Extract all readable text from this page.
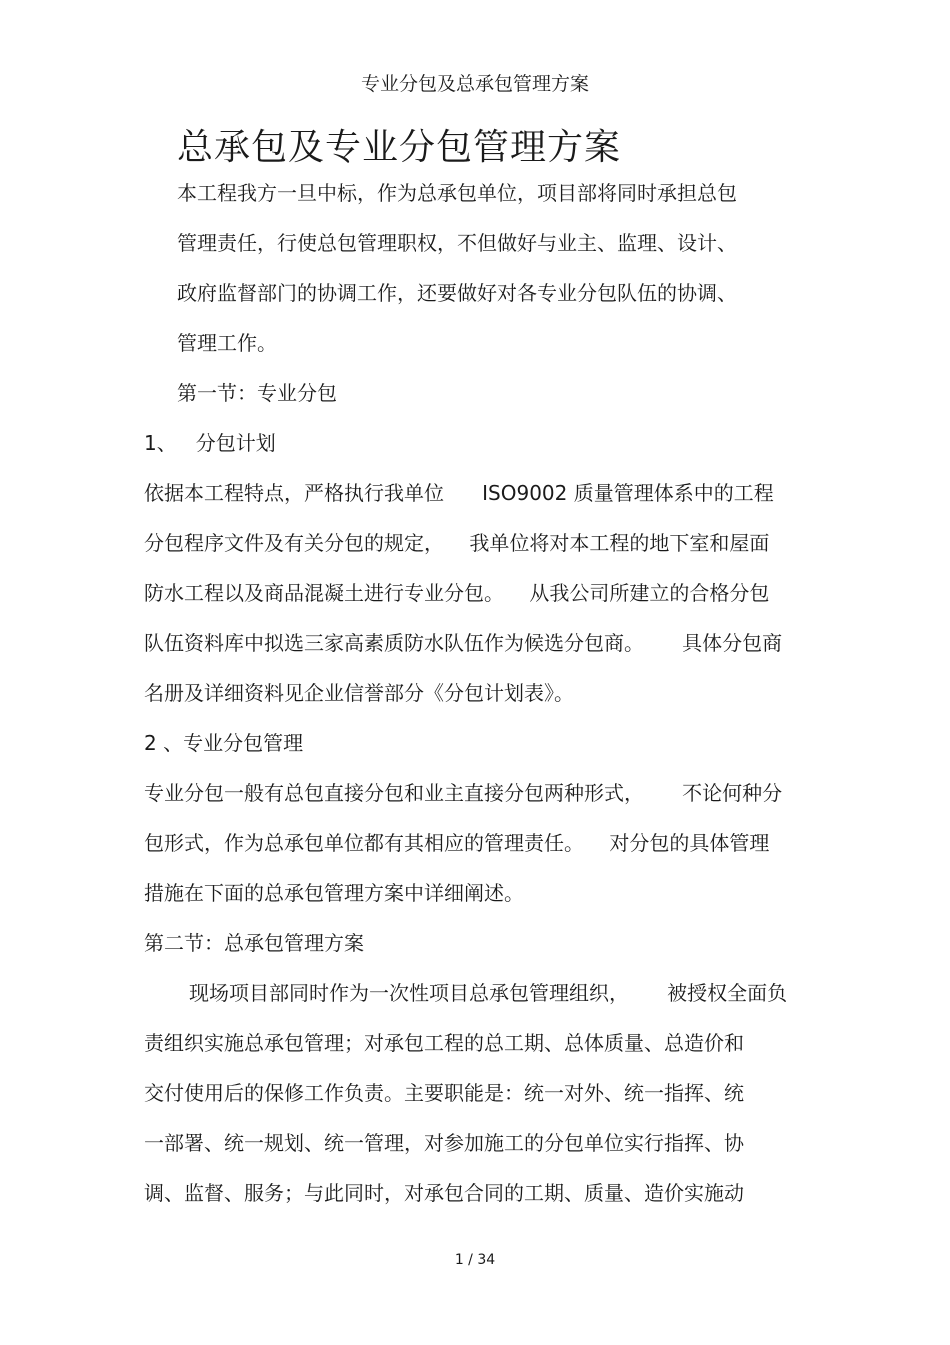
专业分包及总承包管理方案
总承包及专业分包管理方案
本工程我方一旦中标，作为总承包单位，项目部将同时承担总包
管理责任，行使总包管理职权，不但做好与业主、监理、设计、
政府监督部门的协调工作，还要做好对各专业分包队伍的协调、
管理工作。
第一节：专业分包
1、   分包计划
依据本工程特点，严格执行我单位      ISO9002 质量管理体系中的工程
分包程序文件及有关分包的规定，    我单位将对本工程的地下室和屋面
防水工程以及商品混凝土进行专业分包。    从我公司所建立的合格分包
队伍资料库中拟选三家高素质防水队伍作为候选分包商。      具体分包商
名册及详细资料见企业信誉部分《分包计划表》。
2 、专业分包管理
专业分包一般有总包直接分包和业主直接分包两种形式，      不论何种分
包形式，作为总承包单位都有其相应的管理责任。    对分包的具体管理
措施在下面的总承包管理方案中详细阐述。
第二节：总承包管理方案
现场项目部同时作为一次性项目总承包管理组织，      被授权全面负
责组织实施总承包管理；对承包工程的总工期、总体质量、总造价和
交付使用后的保修工作负责。主要职能是：统一对外、统一指挥、统
一部署、统一规划、统一管理，对参加施工的分包单位实行指挥、协
调、监督、服务；与此同时，对承包合同的工期、质量、造价实施动
1 / 34
